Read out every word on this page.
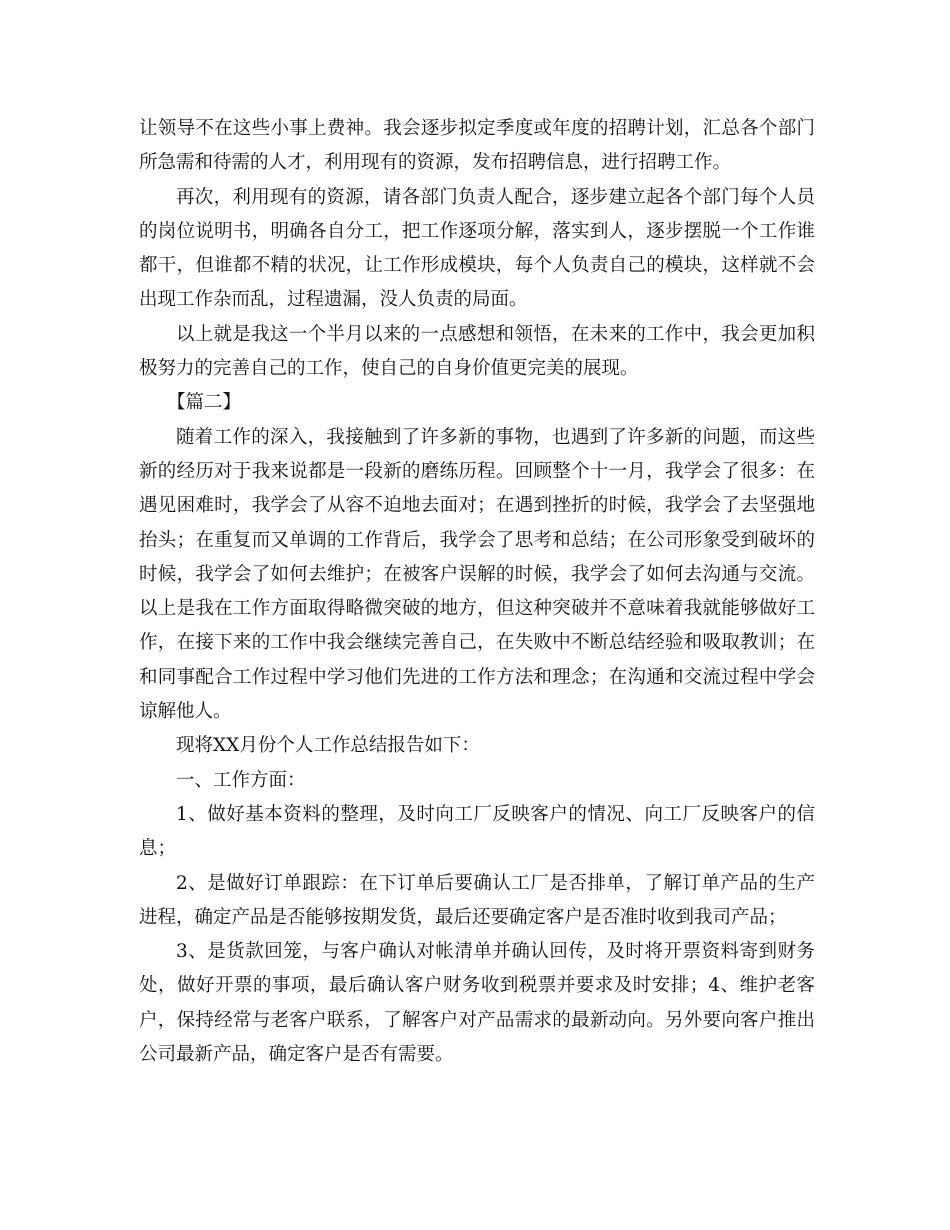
让领导不在这些小事上费神。我会逐步拟定季度或年度的招聘计划，汇总各个部门所急需和待需的人才，利用现有的资源，发布招聘信息，进行招聘工作。

再次，利用现有的资源，请各部门负责人配合，逐步建立起各个部门每个人员的岗位说明书，明确各自分工，把工作逐项分解，落实到人，逐步摆脱一个工作谁都干，但谁都不精的状况，让工作形成模块，每个人负责自己的模块，这样就不会出现工作杂而乱，过程遗漏，没人负责的局面。

以上就是我这一个半月以来的一点感想和领悟，在未来的工作中，我会更加积极努力的完善自己的工作，使自己的自身价值更完美的展现。

【篇二】

随着工作的深入，我接触到了许多新的事物，也遇到了许多新的问题，而这些新的经历对于我来说都是一段新的磨练历程。回顾整个十一月，我学会了很多：在遇见困难时，我学会了从容不迫地去面对；在遇到挫折的时候，我学会了去坚强地抬头；在重复而又单调的工作背后，我学会了思考和总结；在公司形象受到破坏的时候，我学会了如何去维护；在被客户误解的时候，我学会了如何去沟通与交流。以上是我在工作方面取得略微突破的地方，但这种突破并不意味着我就能够做好工作，在接下来的工作中我会继续完善自己，在失败中不断总结经验和吸取教训；在和同事配合工作过程中学习他们先进的工作方法和理念；在沟通和交流过程中学会谅解他人。

现将XX月份个人工作总结报告如下：

一、工作方面：

1、做好基本资料的整理，及时向工厂反映客户的情况、向工厂反映客户的信息；

2、是做好订单跟踪：在下订单后要确认工厂是否排单，了解订单产品的生产进程，确定产品是否能够按期发货，最后还要确定客户是否准时收到我司产品；

3、是货款回笼，与客户确认对帐清单并确认回传，及时将开票资料寄到财务处，做好开票的事项，最后确认客户财务收到税票并要求及时安排；4、维护老客户，保持经常与老客户联系，了解客户对产品需求的最新动向。另外要向客户推出公司最新产品，确定客户是否有需要。
